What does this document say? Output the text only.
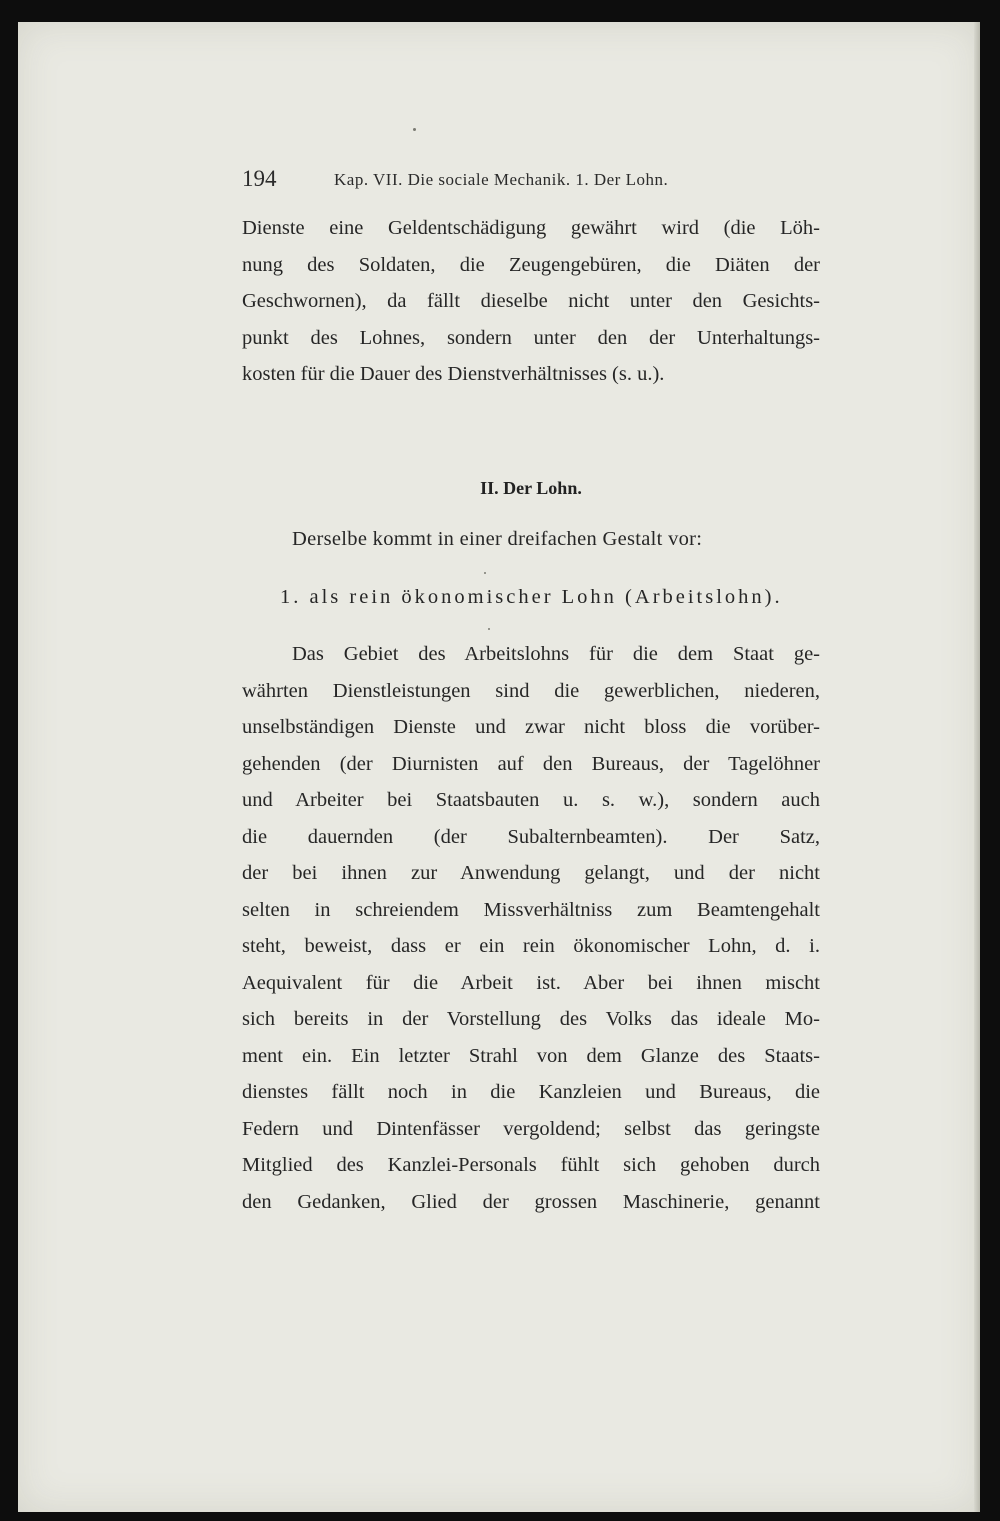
194	Kap. VII. Die sociale Mechanik. 1. Der Lohn.
Dienste eine Geldentschädigung gewährt wird (die Löh-
nung des Soldaten, die Zeugengebüren, die Diäten der
Geschwornen), da fällt dieselbe nicht unter den Gesichts-
punkt des Lohnes, sondern unter den der Unterhaltungs-
kosten für die Dauer des Dienstverhältnisses (s. u.).
II. Der Lohn.
Derselbe kommt in einer dreifachen Gestalt vor:
1. als rein ökonomischer Lohn (Arbeitslohn).
Das Gebiet des Arbeitslohns für die dem Staat ge-
währten Dienstleistungen sind die gewerblichen, niederen,
unselbständigen Dienste und zwar nicht bloss die vorüber-
gehenden (der Diurnisten auf den Bureaus, der Tagelöhner
und Arbeiter bei Staatsbauten u. s. w.), sondern auch
die dauernden (der Subalternbeamten). Der Satz,
der bei ihnen zur Anwendung gelangt, und der nicht
selten in schreiendem Missverhältniss zum Beamtengehalt
steht, beweist, dass er ein rein ökonomischer Lohn, d. i.
Aequivalent für die Arbeit ist. Aber bei ihnen mischt
sich bereits in der Vorstellung des Volks das ideale Mo-
ment ein. Ein letzter Strahl von dem Glanze des Staats-
dienstes fällt noch in die Kanzleien und Bureaus, die
Federn und Dintenfässer vergoldend; selbst das geringste
Mitglied des Kanzlei-Personals fühlt sich gehoben durch
den Gedanken, Glied der grossen Maschinerie, genannt
